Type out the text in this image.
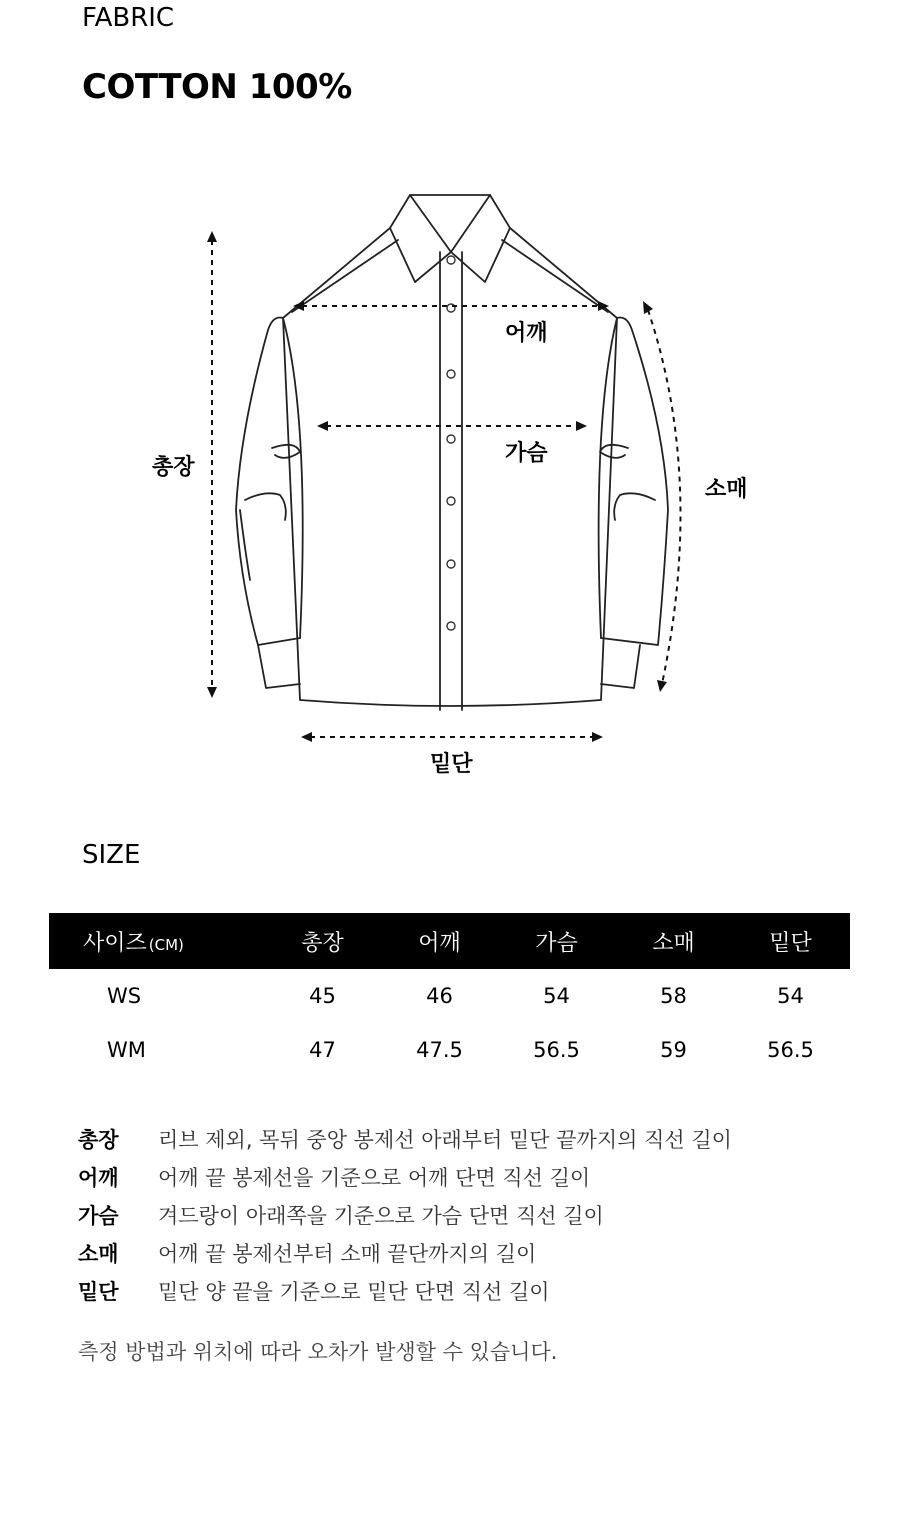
FABRIC
COTTON 100%
총장
어깨
가슴
소매
밑단
SIZE
사이즈 (CM)	총장	어깨	가슴	소매	밑단
WS	45	46	54	58	54
WM	47	47.5	56.5	59	56.5
총장	리브 제외, 목뒤 중앙 봉제선 아래부터 밑단 끝까지의 직선 길이
어깨	어깨 끝 봉제선을 기준으로 어깨 단면 직선 길이
가슴	겨드랑이 아래쪽을 기준으로 가슴 단면 직선 길이
소매	어깨 끝 봉제선부터 소매 끝단까지의 길이
밑단	밑단 양 끝을 기준으로 밑단 단면 직선 길이
측정 방법과 위치에 따라 오차가 발생할 수 있습니다.
